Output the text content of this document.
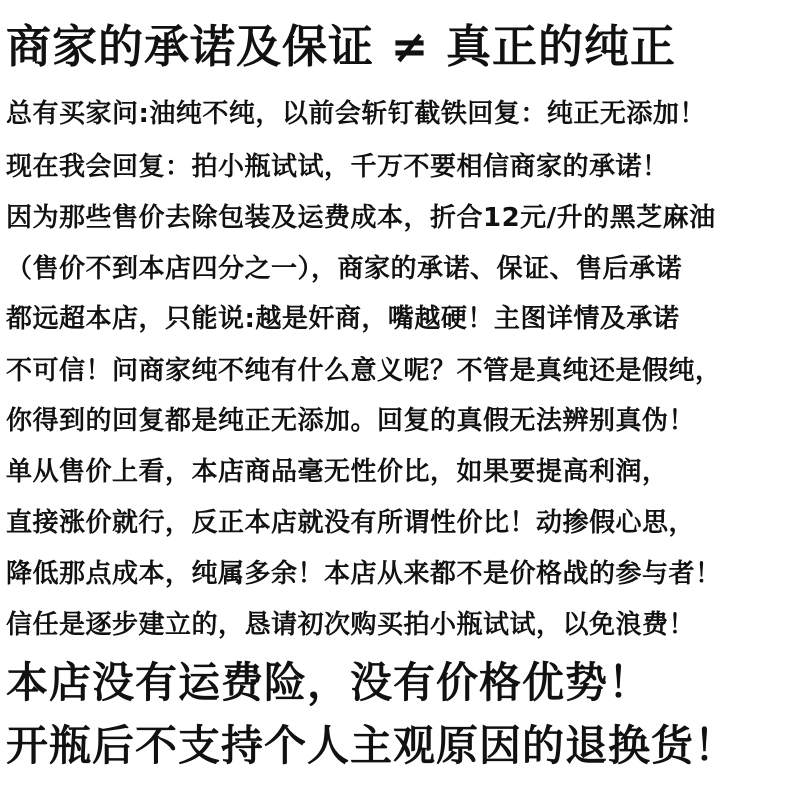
商家的承诺及保证 ≠ 真正的纯正
总有买家问:油纯不纯，以前会斩钉截铁回复：纯正无添加！
现在我会回复：拍小瓶试试，千万不要相信商家的承诺！
因为那些售价去除包装及运费成本，折合12元/升的黑芝麻油
（售价不到本店四分之一），商家的承诺、保证、售后承诺
都远超本店，只能说:越是奸商，嘴越硬！主图详情及承诺
不可信！问商家纯不纯有什么意义呢？不管是真纯还是假纯，
你得到的回复都是纯正无添加。回复的真假无法辨别真伪！
单从售价上看，本店商品毫无性价比，如果要提高利润，
直接涨价就行，反正本店就没有所谓性价比！动掺假心思，
降低那点成本，纯属多余！本店从来都不是价格战的参与者！
信任是逐步建立的，恳请初次购买拍小瓶试试，以免浪费！
本店没有运费险，没有价格优势！
开瓶后不支持个人主观原因的退换货！
